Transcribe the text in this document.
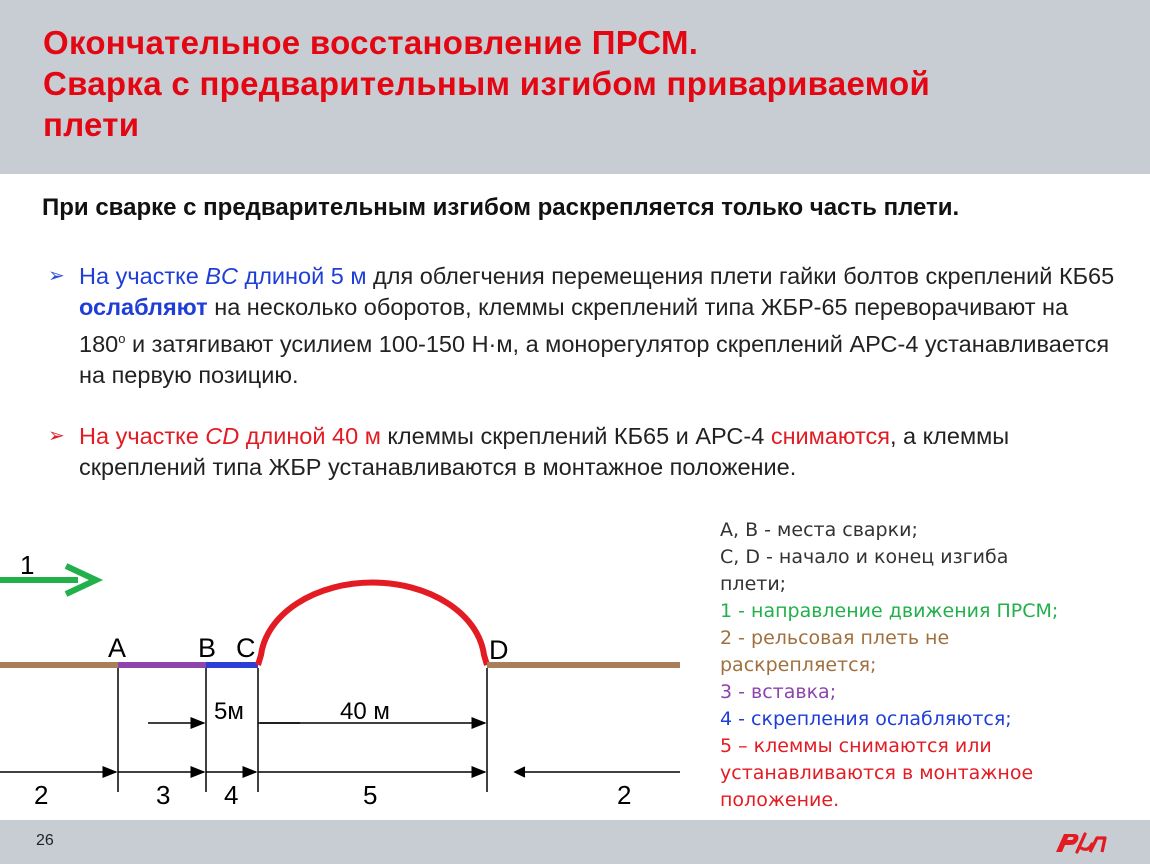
Окончательное восстановление ПРСМ.
Сварка с предварительным изгибом привариваемой
плети
При сварке с предварительным изгибом раскрепляется только часть плети.
➢ На участке BC длиной 5 м для облегчения перемещения плети гайки болтов скреплений КБ65 ослабляют на несколько оборотов, клеммы скреплений типа ЖБР-65 переворачивают на $180^о$ и затягивают усилием 100-150 Н·м, а монорегулятор скреплений АРС-4 устанавливается на первую позицию.
➢ На участке CD длиной 40 м клеммы скреплений КБ65 и АРС-4 снимаются, а клеммы скреплений типа ЖБР устанавливаются в монтажное положение.
1
A	B C	D
5м	40 м
2	3 4	5	2
A, B - места сварки;
C, D - начало и конец изгиба
плети;
1 - направление движения ПРСМ;
2 - рельсовая плеть не
раскрепляется;
3 - вставка;
4 - скрепления ослабляются;
5 – клеммы снимаются или
устанавливаются в монтажное
положение.
26
